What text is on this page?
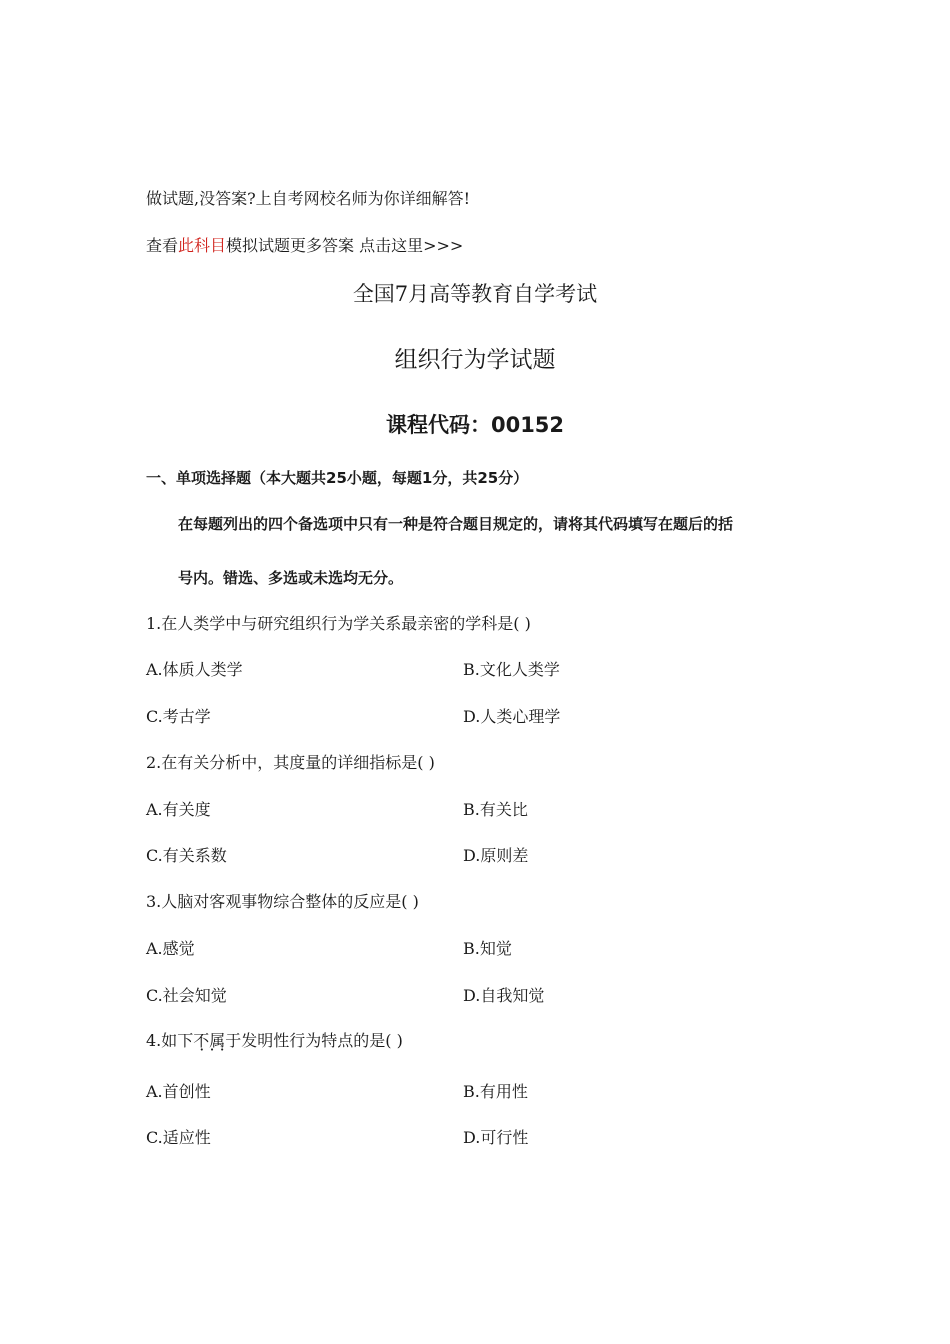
做试题,没答案?上自考网校名师为你详细解答!
查看此科目模拟试题更多答案 点击这里>>>
全国7月高等教育自学考试
组织行为学试题
课程代码：00152
一、单项选择题（本大题共25小题，每题1分，共25分）
在每题列出的四个备选项中只有一种是符合题目规定的，请将其代码填写在题后的括
号内。错选、多选或未选均无分。
1.在人类学中与研究组织行为学关系最亲密的学科是( )
A.体质人类学	B.文化人类学
C.考古学	D.人类心理学
2.在有关分析中，其度量的详细指标是( )
A.有关度	B.有关比
C.有关系数	D.原则差
3.人脑对客观事物综合整体的反应是( )
A.感觉	B.知觉
C.社会知觉	D.自我知觉
4.如下不属于 · · ·发明性行为特点的是( )
A.首创性	B.有用性
C.适应性	D.可行性
